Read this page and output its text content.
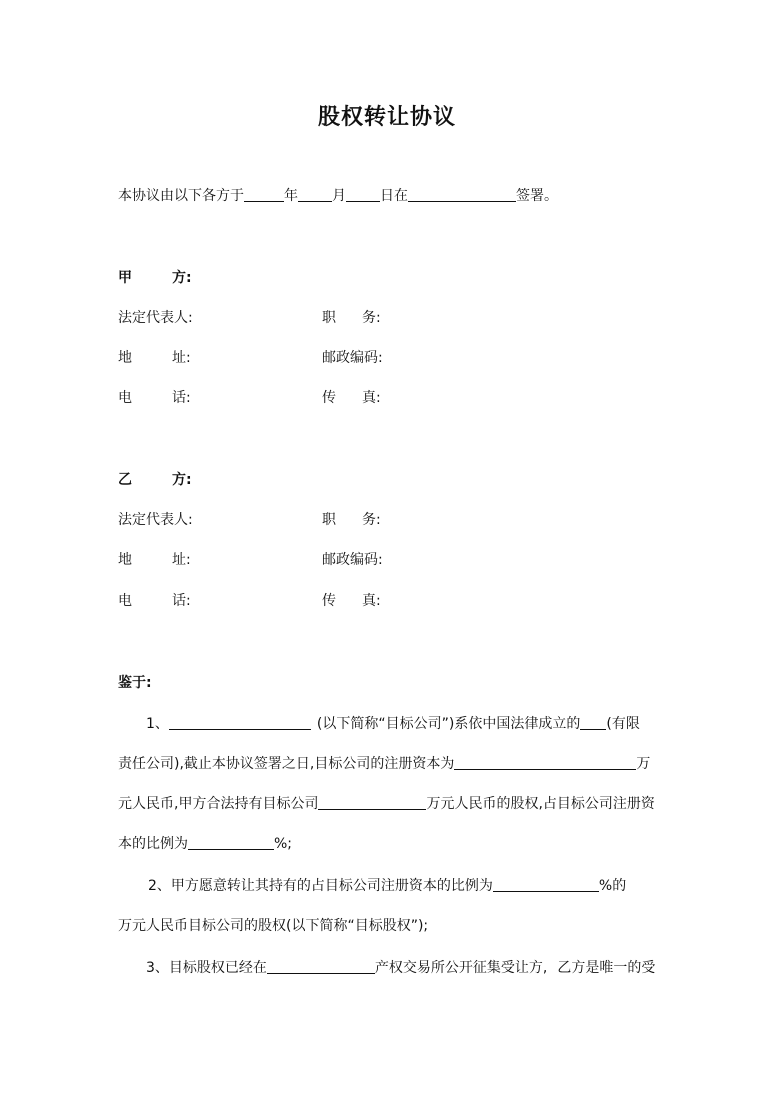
股权转让协议
本协议由以下各方于	年 月 日在	签署。
甲	方:
法定代表人:	职 务:
地	址:	邮政编码:
电	话:	传 真:
乙	方:
法定代表人:	职 务:
地	址:	邮政编码:
电	话:	传 真:
鉴于:
1、	(以下简称“目标公司”)系依中国法律成立的 (有限
责任公司),截止本协议签署之日,目标公司的注册资本为	万
元人民币,甲方合法持有目标公司	万元人民币的股权,占目标公司注册资
本的比例为	%;
2、甲方愿意转让其持有的占目标公司注册资本的比例为	%的
万元人民币目标公司的股权(以下简称“目标股权”);
3、目标股权已经在	产权交易所公开征集受让方, 乙方是唯一的受
